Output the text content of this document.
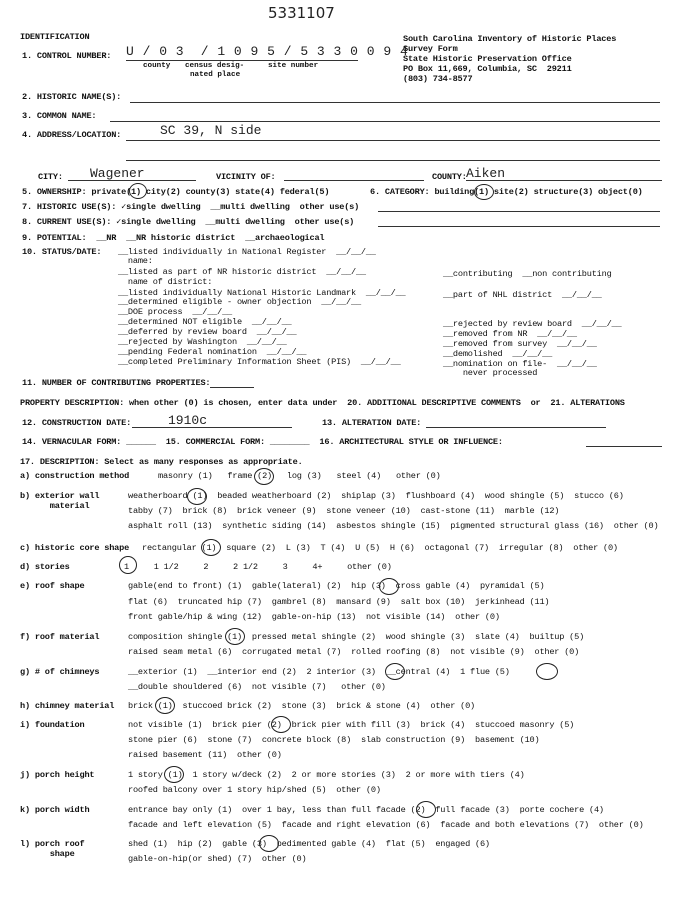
5331107
IDENTIFICATION	South Carolina Inventory of Historic Places
Survey Form
State Historic Preservation Office
PO Box 11,669, Columbia, SC  29211
(803) 734-8577
1. CONTROL NUMBER: U / 0 3  / 1 0 9 5 / 5 3 3 0 0 9 4
county census desig-
nated place
site number
2. HISTORIC NAME(S):
3. COMMON NAME:
4. ADDRESS/LOCATION:	SC 39, N side
CITY: Wagener	VICINITY OF:	COUNTY: Aiken
5. OWNERSHIP: private(1) city(2) county(3) state(4) federal(5)	6. CATEGORY: building(1) site(2) structure(3) object(0)
7. HISTORIC USE(S): ✓single dwelling  __multi dwelling  other use(s)
8. CURRENT USE(S): ✓single dwelling  __multi dwelling  other use(s)
9. POTENTIAL:  __NR  __NR historic district  __archaeological
10. STATUS/DATE: __listed individually in National Register  __/__/__
name:
__listed as part of NR historic district  __/__/__
name of district:
__listed individually National Historic Landmark  __/__/__
__determined eligible - owner objection  __/__/__
__DOE process  __/__/__
__determined NOT eligible  __/__/__
__deferred by review board  __/__/__
__rejected by Washington  __/__/__
__pending Federal nomination  __/__/__
__completed Preliminary Information Sheet (PIS)  __/__/__
__contributing  __non contributing
__part of NHL district  __/__/__
__rejected by review board  __/__/__
__removed from NR  __/__/__
__removed from survey  __/__/__
__demolished  __/__/__
__nomination on file-  __/__/__
never processed
11. NUMBER OF CONTRIBUTING PROPERTIES:
PROPERTY DESCRIPTION: when other (0) is chosen, enter data under  20. ADDITIONAL DESCRIPTIVE COMMENTS  or  21. ALTERATIONS
12. CONSTRUCTION DATE:	1910c	13. ALTERATION DATE:
14. VERNACULAR FORM: ______  15. COMMERCIAL FORM: ________  16. ARCHITECTURAL STYLE OR INFLUENCE:
17. DESCRIPTION: Select as many responses as appropriate.
a) construction method	masonry (1)   frame (2)   log (3)   steel (4)   other (0)
b) exterior wall
material
weatherboard (1)  beaded weatherboard (2)  shiplap (3)  flushboard (4)  wood shingle (5)  stucco (6)
tabby (7)  brick (8)  brick veneer (9)  stone veneer (10)  cast-stone (11)  marble (12)
asphalt roll (13)  synthetic siding (14)  asbestos shingle (15)  pigmented structural glass (16)  other (0)
c) historic core shape rectangular (1)  square (2)  L (3)  T (4)  U (5)  H (6)  octagonal (7)  irregular (8)  other (0)
d) stories	1     1 1/2     2     2 1/2     3     4+     other (0)
e) roof shape	gable(end to front) (1)  gable(lateral) (2)  hip (3)  cross gable (4)  pyramidal (5)
flat (6)  truncated hip (7)  gambrel (8)  mansard (9)  salt box (10)  jerkinhead (11)
front gable/hip & wing (12)  gable-on-hip (13)  not visible (14)  other (0)
f) roof material	composition shingle (1)  pressed metal shingle (2)  wood shingle (3)  slate (4)  builtup (5)
raised seam metal (6)  corrugated metal (7)  rolled roofing (8)  not visible (9)  other (0)
g) # of chimneys	__exterior (1)  __interior end (2)  2 interior (3)  __central (4)  1 flue (5)
__double shouldered (6)  not visible (7)   other (0)
h) chimney material brick (1)  stuccoed brick (2)  stone (3)  brick & stone (4)  other (0)
i) foundation	not visible (1)  brick pier (2)  brick pier with fill (3)  brick (4)  stuccoed masonry (5)
stone pier (6)  stone (7)  concrete block (8)  slab construction (9)  basement (10)
raised basement (11)  other (0)
j) porch height	1 story (1)  1 story w/deck (2)  2 or more stories (3)  2 or more with tiers (4)
roofed balcony over 1 story hip/shed (5)  other (0)
k) porch width	entrance bay only (1)  over 1 bay, less than full facade (2)  full facade (3)  porte cochere (4)
facade and left elevation (5)  facade and right elevation (6)  facade and both elevations (7)  other (0)
l) porch roof
shape
shed (1)  hip (2)  gable (3)  pedimented gable (4)  flat (5)  engaged (6)
gable-on-hip(or shed) (7)  other (0)
